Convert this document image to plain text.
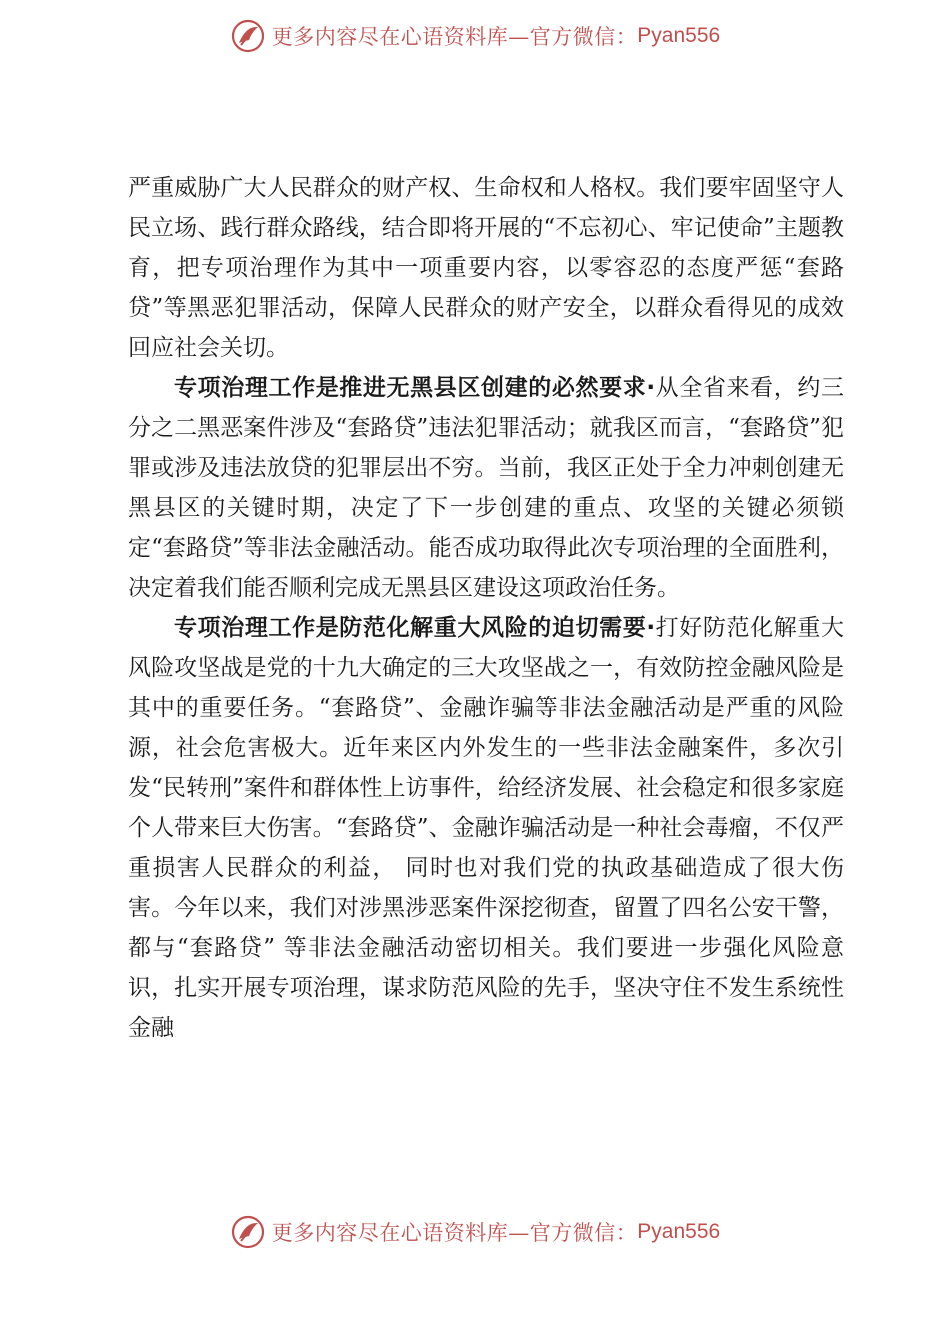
更多内容尽在心语资料库—官方微信： Pyan556

严重威胁广大人民群众的财产权、生命权和人格权。我们要牢固坚守人民立场、践行群众路线，结合即将开展的“不忘初心、牢记使命”主题教育，把专项治理作为其中一项重要内容，以零容忍的态度严惩“套路贷”等黑恶犯罪活动，保障人民群众的财产安全，以群众看得见的成效回应社会关切。

专项治理工作是推进无黑县区创建的必然要求·从全省来看，约三分之二黑恶案件涉及“套路贷”违法犯罪活动；就我区而言，“套路贷”犯罪或涉及违法放贷的犯罪层出不穷。当前，我区正处于全力冲刺创建无黑县区的关键时期，决定了下一步创建的重点、攻坚的关键必须锁定“套路贷”等非法金融活动。能否成功取得此次专项治理的全面胜利，决定着我们能否顺利完成无黑县区建设这项政治任务。

专项治理工作是防范化解重大风险的迫切需要·打好防范化解重大风险攻坚战是党的十九大确定的三大攻坚战之一，有效防控金融风险是其中的重要任务。“套路贷”、金融诈骗等非法金融活动是严重的风险源，社会危害极大。近年来区内外发生的一些非法金融案件，多次引发“民转刑”案件和群体性上访事件，给经济发展、社会稳定和很多家庭个人带来巨大伤害。“套路贷”、金融诈骗活动是一种社会毒瘤，不仅严重损害人民群众的利益， 同时也对我们党的执政基础造成了很大伤害。今年以来，我们对涉黑涉恶案件深挖彻查，留置了四名公安干警，都与“套路贷” 等非法金融活动密切相关。我们要进一步强化风险意识，扎实开展专项治理，谋求防范风险的先手，坚决守住不发生系统性金融

更多内容尽在心语资料库—官方微信： Pyan556
